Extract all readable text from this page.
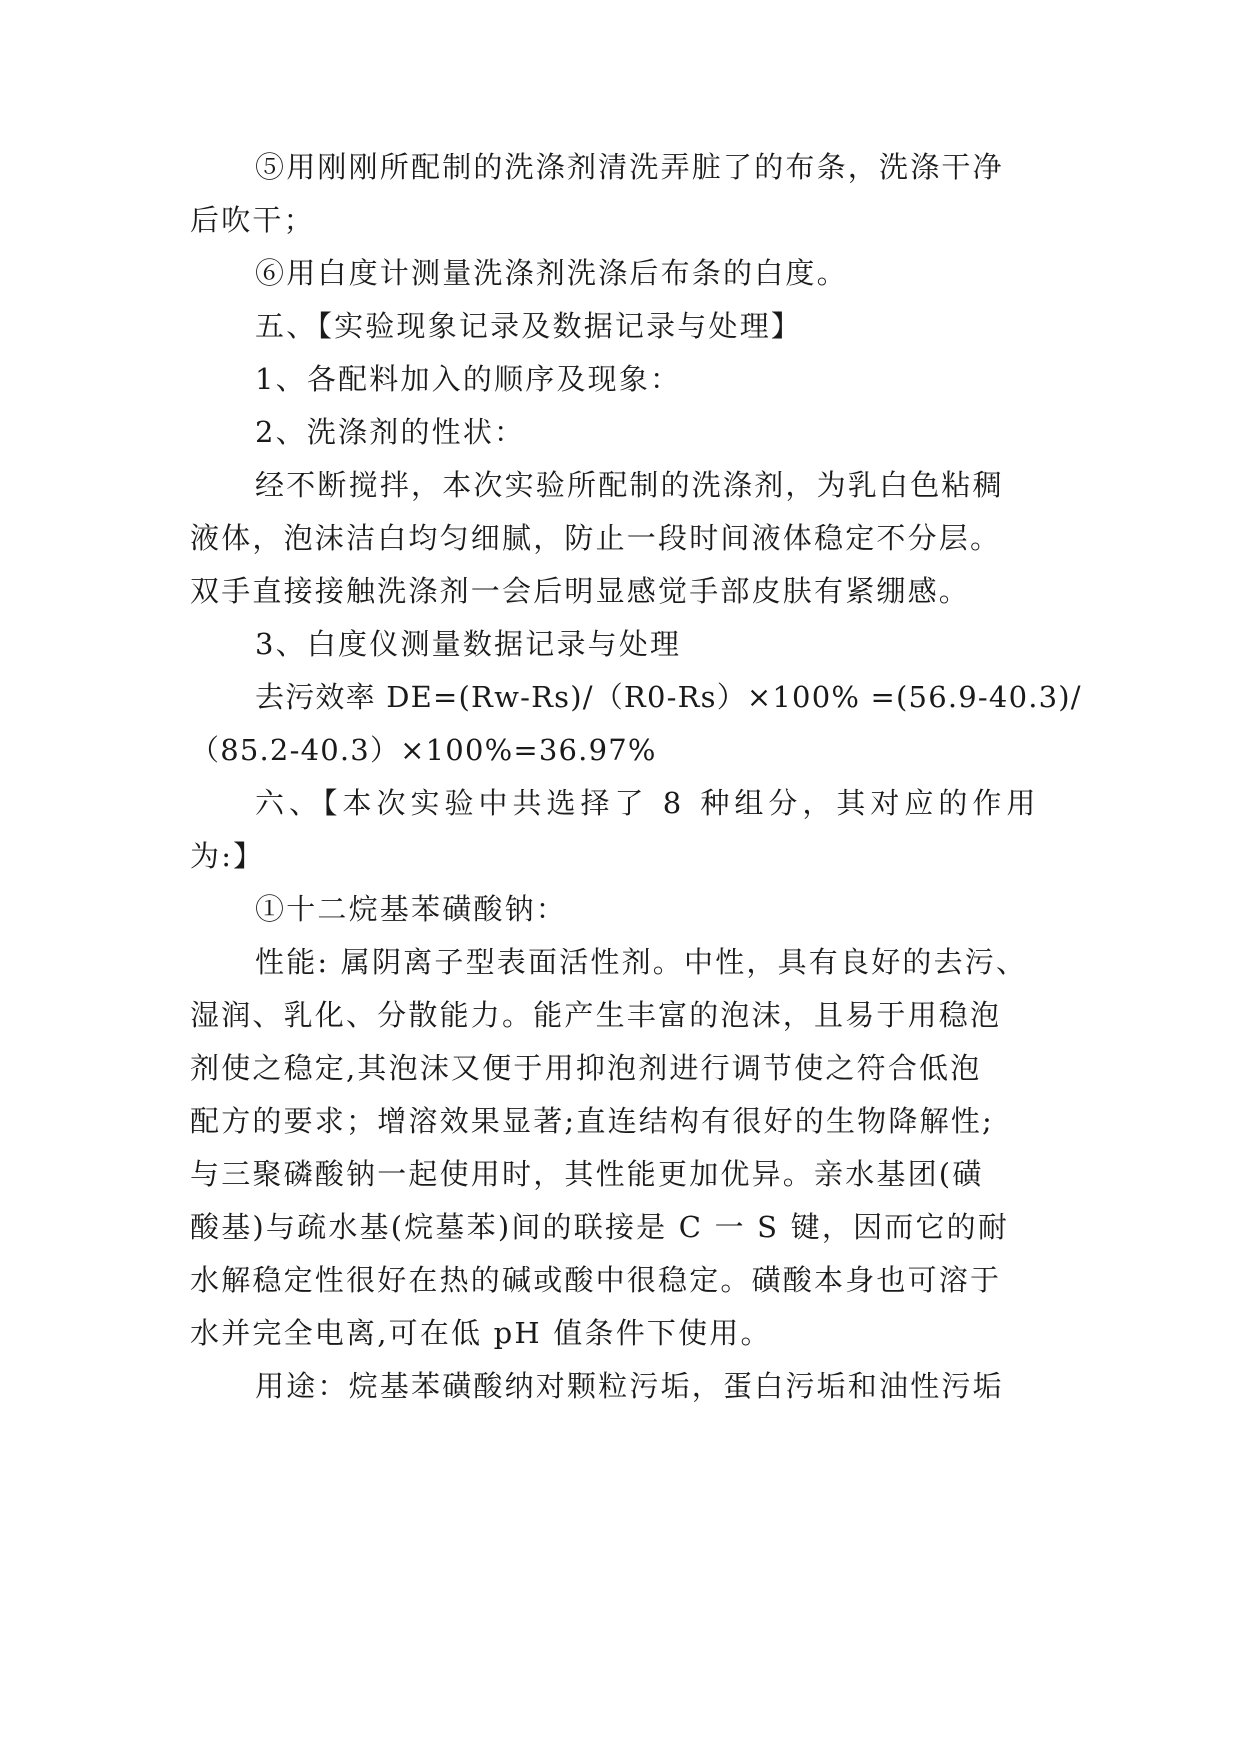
⑤用刚刚所配制的洗涤剂清洗弄脏了的布条，洗涤干净
后吹干；
⑥用白度计测量洗涤剂洗涤后布条的白度。
五、【实验现象记录及数据记录与处理】
1、各配料加入的顺序及现象：
2、洗涤剂的性状：
经不断搅拌，本次实验所配制的洗涤剂，为乳白色粘稠
液体，泡沫洁白均匀细腻，防止一段时间液体稳定不分层。
双手直接接触洗涤剂一会后明显感觉手部皮肤有紧绷感。
3、白度仪测量数据记录与处理
去污效率 DE=(Rw-Rs)/（R0-Rs）×100% =(56.9-40.3)/
（85.2-40.3）×100%=36.97%
六、【本次实验中共选择了 8 种组分，其对应的作用
为:】
①十二烷基苯磺酸钠：
性能: 属阴离子型表面活性剂。中性，具有良好的去污、
湿润、乳化、分散能力。能产生丰富的泡沫，且易于用稳泡
剂使之稳定,其泡沫又便于用抑泡剂进行调节使之符合低泡
配方的要求；增溶效果显著;直连结构有很好的生物降解性;
与三聚磷酸钠一起使用时，其性能更加优异。亲水基团(磺
酸基)与疏水基(烷墓苯)间的联接是 C 一 S 键，因而它的耐
水解稳定性很好在热的碱或酸中很稳定。磺酸本身也可溶于
水并完全电离,可在低 pH 值条件下使用。
用途：烷基苯磺酸纳对颗粒污垢，蛋白污垢和油性污垢
